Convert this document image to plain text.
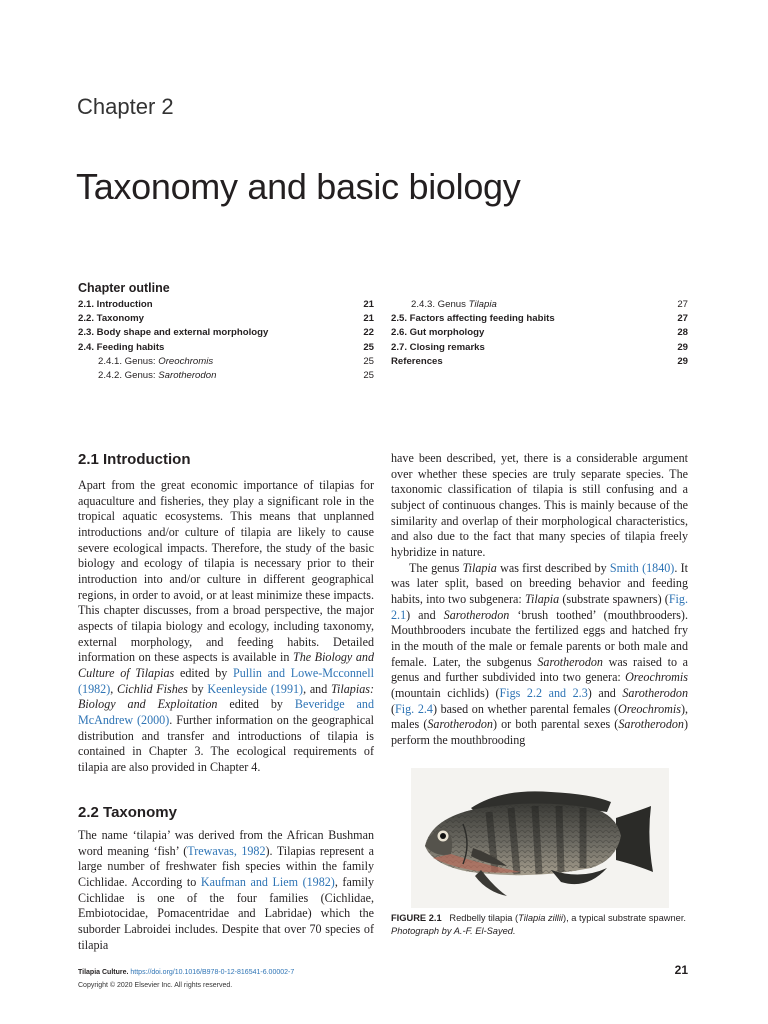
Chapter 2
Taxonomy and basic biology
Chapter outline
2.1. Introduction	21
2.2. Taxonomy	21
2.3. Body shape and external morphology	22
2.4. Feeding habits	25
2.4.1. Genus: Oreochromis	25
2.4.2. Genus: Sarotherodon	25
2.4.3. Genus Tilapia	27
2.5. Factors affecting feeding habits	27
2.6. Gut morphology	28
2.7. Closing remarks	29
References	29
2.1 Introduction

Apart from the great economic importance of tilapias for aquaculture and fisheries, they play a significant role in the tropical aquatic ecosystems. This means that unplanned introductions and/or culture of tilapia are likely to cause severe ecological impacts. Therefore, the study of the basic biology and ecology of tilapia is necessary prior to their introduction into and/or culture in different geographical regions, in order to avoid, or at least minimize these impacts. This chapter discusses, from a broad perspective, the major aspects of tilapia biology and ecology, including taxonomy, external morphology, and feeding habits. Detailed information on these aspects is available in The Biology and Culture of Tilapias edited by Pullin and Lowe-Mcconnell (1982), Cichlid Fishes by Keenleyside (1991), and Tilapias: Biology and Exploitation edited by Beveridge and McAndrew (2000). Further information on the geographical distribution and transfer and introductions of tilapia is contained in Chapter 3. The ecological requirements of tilapia are also provided in Chapter 4.

2.2 Taxonomy

The name ‘tilapia’ was derived from the African Bushman word meaning ‘fish’ (Trewavas, 1982). Tilapias represent a large number of freshwater fish species within the family Cichlidae. According to Kaufman and Liem (1982), family Cichlidae is one of the four families (Cichlidae, Embiotocidae, Pomacentridae and Labridae) which the suborder Labroidei includes. Despite that over 70 species of tilapia

have been described, yet, there is a considerable argument over whether these species are truly separate species. The taxonomic classification of tilapia is still confusing and a subject of continuous changes. This is mainly because of the similarity and overlap of their morphological characteristics, and also due to the fact that many species of tilapia freely hybridize in nature.

The genus Tilapia was first described by Smith (1840). It was later split, based on breeding behavior and feeding habits, into two subgenera: Tilapia (substrate spawners) (Fig. 2.1) and Sarotherodon ‘brush toothed’ (mouthbrooders). Mouthbrooders incubate the fertilized eggs and hatched fry in the mouth of the male or female parents or both male and female. Later, the subgenus Sarotherodon was raised to a genus and further subdivided into two genera: Oreochromis (mountain cichlids) (Figs 2.2 and 2.3) and Sarotherodon (Fig. 2.4) based on whether parental females (Oreochromis), males (Sarotherodon) or both parental sexes (Sarotherodon) perform the mouthbrooding

FIGURE 2.1 Redbelly tilapia (Tilapia zillii), a typical substrate spawner.
Photograph by A.-F. El-Sayed.
Tilapia Culture. https://doi.org/10.1016/B978-0-12-816541-6.00002-7
Copyright © 2020 Elsevier Inc. All rights reserved.
21
